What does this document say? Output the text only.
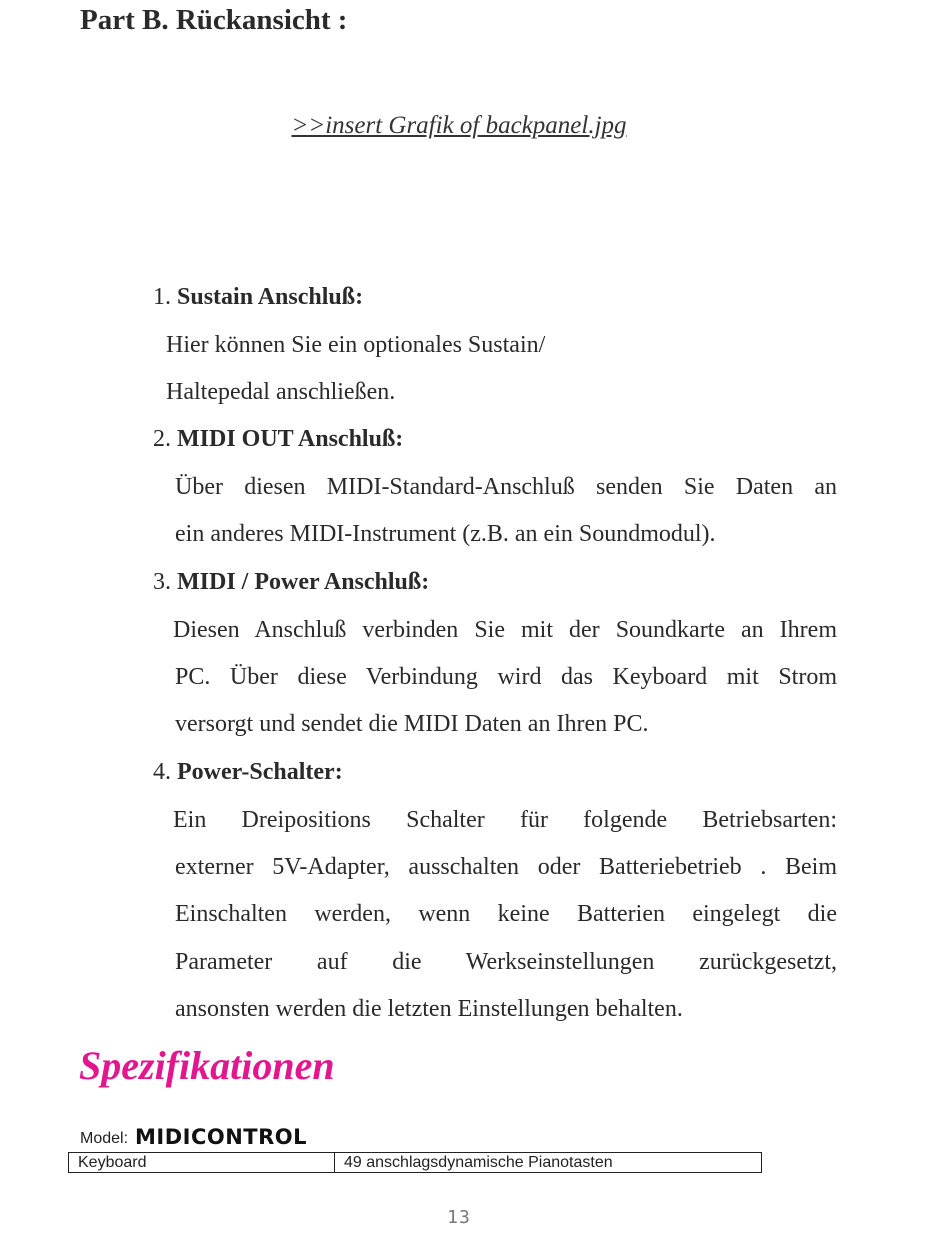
Part B. Rückansicht :
>>insert Grafik of backpanel.jpg
1. Sustain Anschluß:
Hier können Sie ein optionales Sustain/
Haltepedal anschließen.
2. MIDI OUT Anschluß:
Über diesen MIDI-Standard-Anschluß senden Sie Daten an
ein anderes MIDI-Instrument (z.B. an ein Soundmodul).
3. MIDI / Power Anschluß:
Diesen Anschluß verbinden Sie mit der Soundkarte an Ihrem
PC. Über diese Verbindung wird das Keyboard mit Strom
versorgt und sendet die MIDI Daten an Ihren PC.
4. Power-Schalter:
Ein Dreipositions Schalter für folgende Betriebsarten:
externer 5V-Adapter, ausschalten oder Batteriebetrieb . Beim
Einschalten werden, wenn keine Batterien eingelegt die
Parameter auf die Werkseinstellungen zurückgesetzt,
ansonsten werden die letzten Einstellungen behalten.
Spezifikationen
Model: MIDICONTROL
Keyboard	49 anschlagsdynamische Pianotasten
13
